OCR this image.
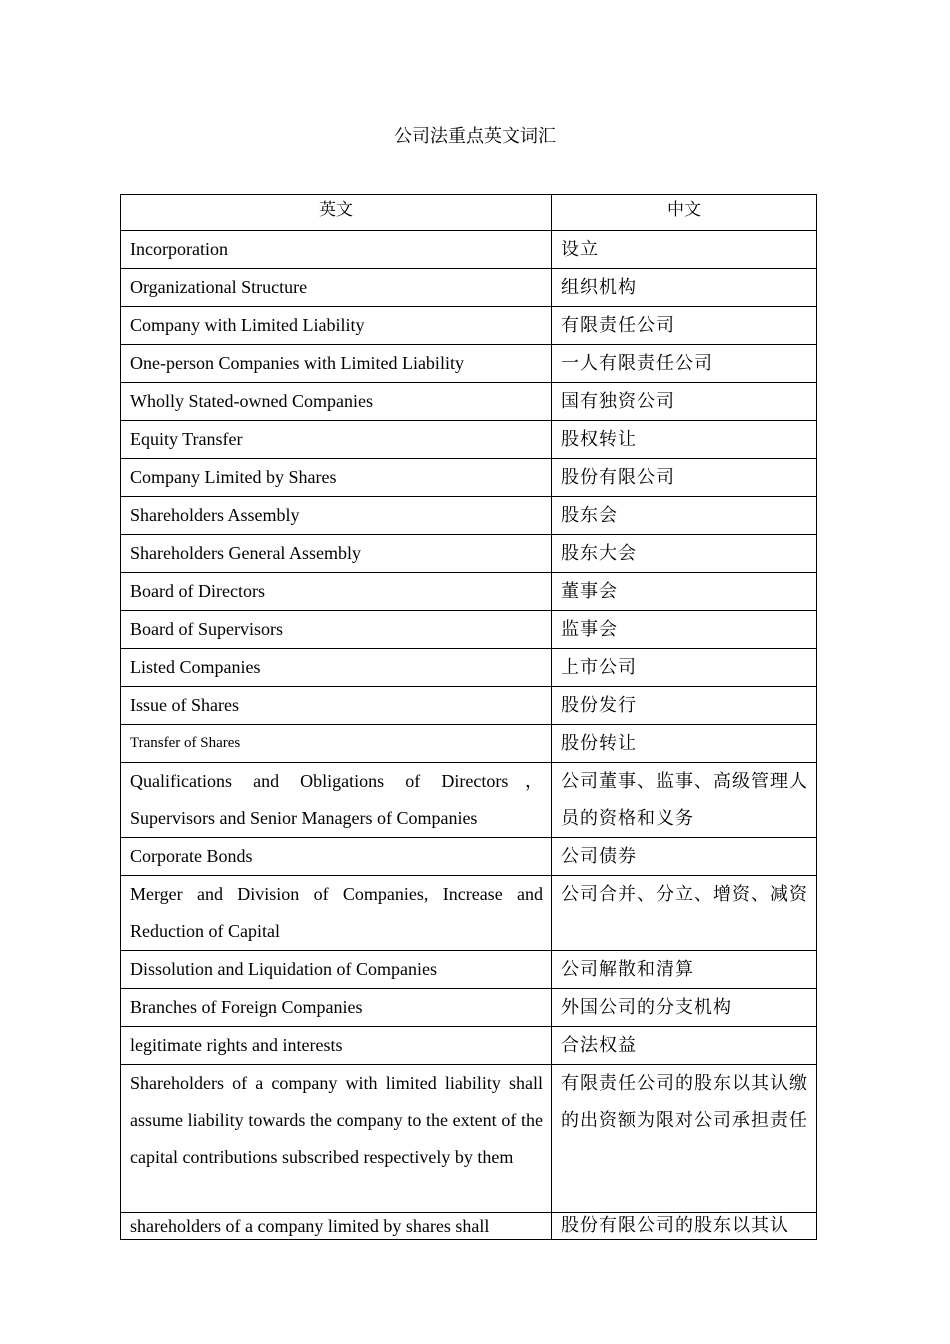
公司法重点英文词汇
英文	中文
Incorporation	设立
Organizational Structure	组织机构
Company with Limited Liability	有限责任公司
One-person Companies with Limited Liability	一人有限责任公司
Wholly Stated-owned Companies	国有独资公司
Equity Transfer	股权转让
Company Limited by Shares	股份有限公司
Shareholders Assembly	股东会
Shareholders General Assembly	股东大会
Board of Directors	董事会
Board of Supervisors	监事会
Listed Companies	上市公司
Issue of Shares	股份发行
Transfer of Shares	股份转让
Qualifications and Obligations of Directors，Supervisors and Senior Managers of Companies	公司董事、监事、高级管理人员的资格和义务
Corporate Bonds	公司债券
Merger and Division of Companies, Increase and Reduction of Capital	公司合并、分立、增资、减资
Dissolution and Liquidation of Companies	公司解散和清算
Branches of Foreign Companies	外国公司的分支机构
legitimate rights and interests	合法权益
Shareholders of a company with limited liability shall assume liability towards the company to the extent of the capital contributions subscribed respectively by them	有限责任公司的股东以其认缴的出资额为限对公司承担责任
shareholders of a company limited by shares shall	股份有限公司的股东以其认
